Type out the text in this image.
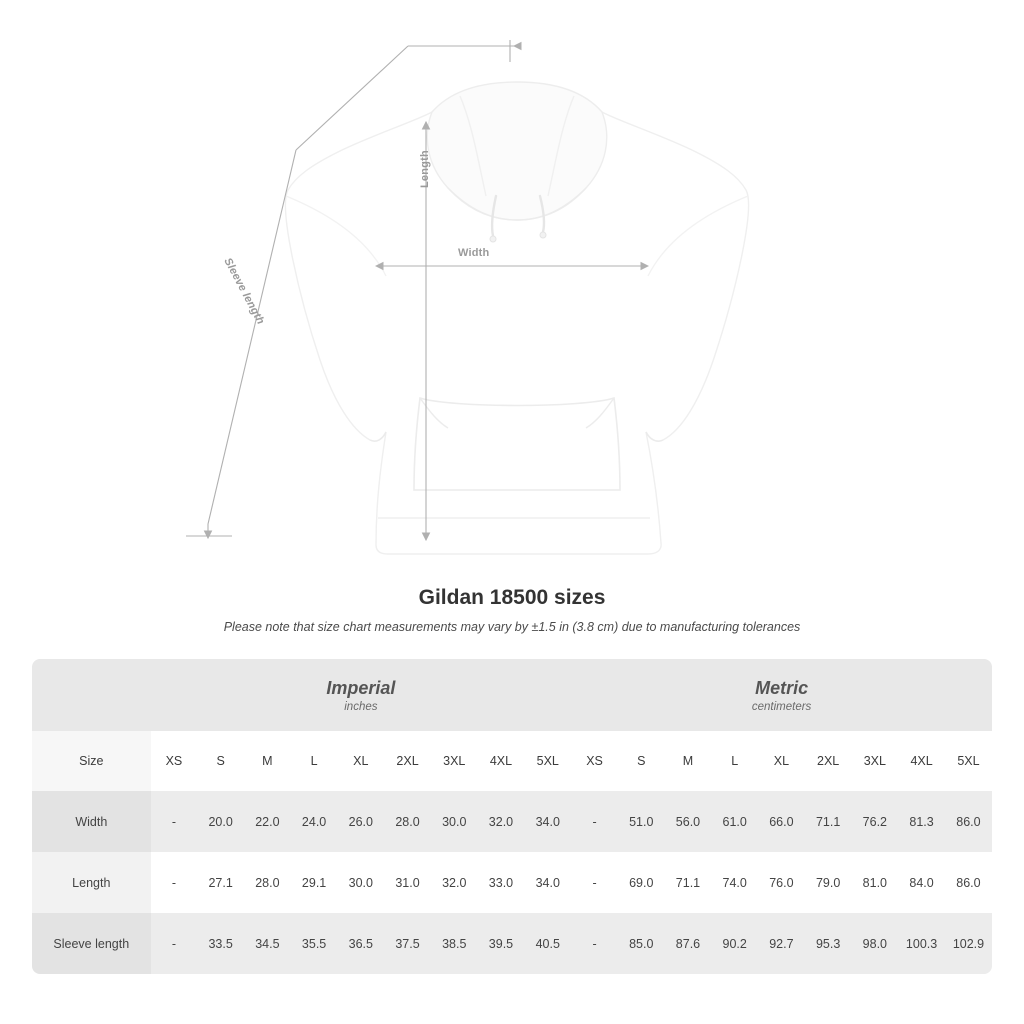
Width
Length
Sleeve length
Gildan 18500 sizes

Please note that size chart measurements may vary by ±1.5 in (3.8 cm) due to manufacturing tolerances

Imperial
inches

Metric
centimeters

Size	XS	S	M	L	XL	2XL	3XL	4XL	5XL	XS	S	M	L	XL	2XL	3XL	4XL	5XL
Width	-	20.0	22.0	24.0	26.0	28.0	30.0	32.0	34.0	-	51.0	56.0	61.0	66.0	71.1	76.2	81.3	86.0
Length	-	27.1	28.0	29.1	30.0	31.0	32.0	33.0	34.0	-	69.0	71.1	74.0	76.0	79.0	81.0	84.0	86.0
Sleeve length	-	33.5	34.5	35.5	36.5	37.5	38.5	39.5	40.5	-	85.0	87.6	90.2	92.7	95.3	98.0	100.3	102.9
